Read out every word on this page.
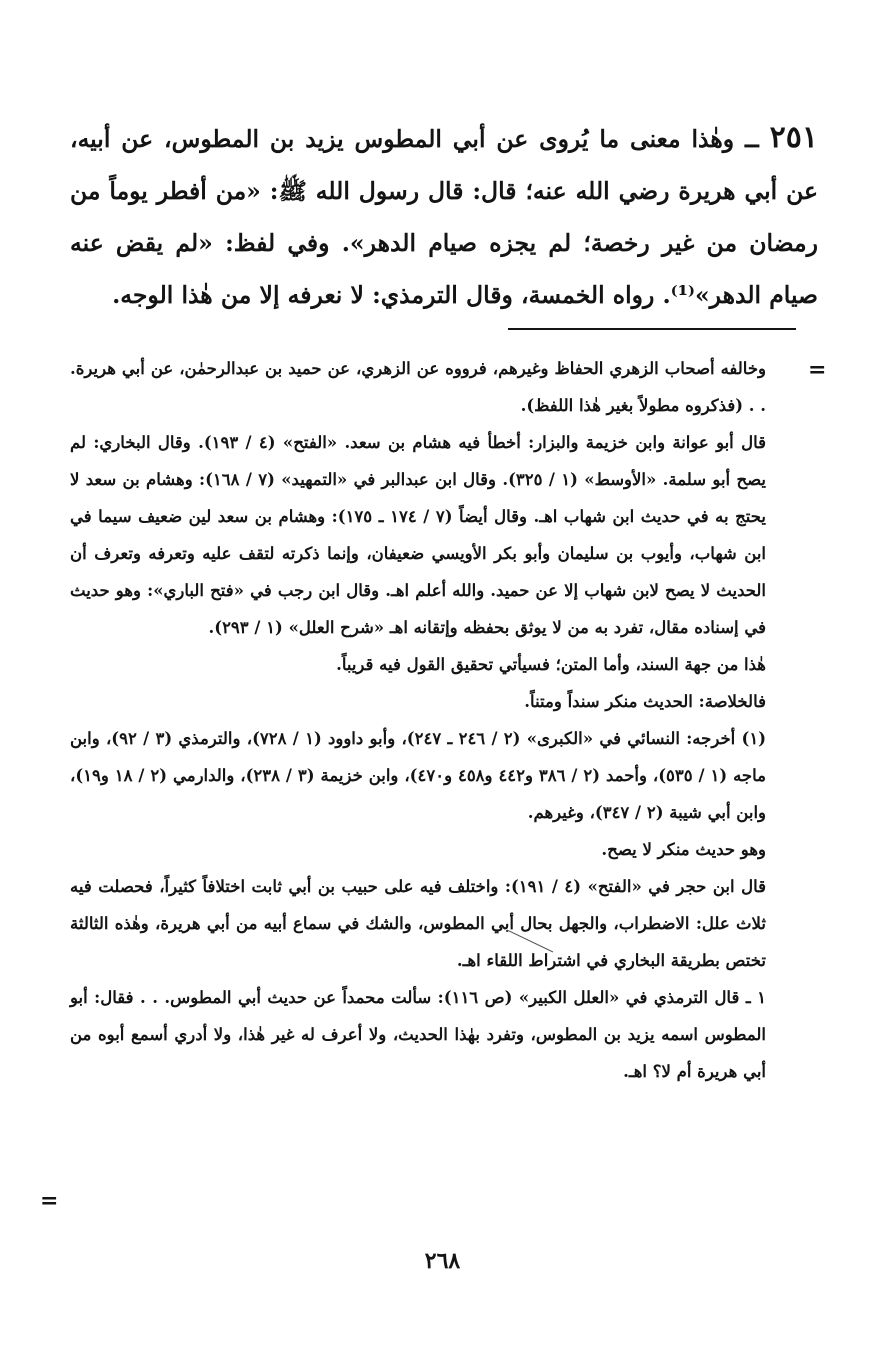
٢٥١ ــ وهٰذا معنى ما يُروى عن أبي المطوس يزيد بن المطوس، عن أبيه، عن أبي هريرة رضي الله عنه؛ قال: قال رسول الله ﷺ: «من أفطر يوماً من رمضان من غير رخصة؛ لم يجزه صيام الدهر». وفي لفظ: «لم يقض عنه صيام الدهر»⁽¹⁾. رواه الخمسة، وقال الترمذي: لا نعرفه إلا من هٰذا الوجه.

=

وخالفه أصحاب الزهري الحفاظ وغيرهم، فرووه عن الزهري، عن حميد بن عبدالرحمٰن، عن أبي هريرة. . . (فذكروه مطولاً بغير هٰذا اللفظ).

قال أبو عوانة وابن خزيمة والبزار: أخطأ فيه هشام بن سعد. «الفتح» (٤ / ١٩٣). وقال البخاري: لم يصح أبو سلمة. «الأوسط» (١ / ٣٢٥). وقال ابن عبدالبر في «التمهيد» (٧ / ١٦٨): وهشام بن سعد لا يحتج به في حديث ابن شهاب اهـ. وقال أيضاً (٧ / ١٧٤ ـ ١٧٥): وهشام بن سعد لين ضعيف سيما في ابن شهاب، وأيوب بن سليمان وأبو بكر الأويسي ضعيفان، وإنما ذكرته لتقف عليه وتعرفه وتعرف أن الحديث لا يصح لابن شهاب إلا عن حميد. والله أعلم اهـ. وقال ابن رجب في «فتح الباري»: وهو حديث في إسناده مقال، تفرد به من لا يوثق بحفظه وإتقانه اهـ «شرح العلل» (١ / ٢٩٣).

هٰذا من جهة السند، وأما المتن؛ فسيأتي تحقيق القول فيه قريباً.

فالخلاصة: الحديث منكر سنداً ومتناً.

(١) أخرجه: النسائي في «الكبرى» (٢ / ٢٤٦ ـ ٢٤٧)، وأبو داوود (١ / ٧٢٨)، والترمذي (٣ / ٩٢)، وابن ماجه (١ / ٥٣٥)، وأحمد (٢ / ٣٨٦ و٤٤٢ و٤٥٨ و٤٧٠)، وابن خزيمة (٣ / ٢٣٨)، والدارمي (٢ / ١٨ و١٩)، وابن أبي شيبة (٢ / ٣٤٧)، وغيرهم.

وهو حديث منكر لا يصح.

قال ابن حجر في «الفتح» (٤ / ١٩١): واختلف فيه على حبيب بن أبي ثابت اختلافاً كثيراً، فحصلت فيه ثلاث علل: الاضطراب، والجهل بحال أبي المطوس، والشك في سماع أبيه من أبي هريرة، وهٰذه الثالثة تختص بطريقة البخاري في اشتراط اللقاء اهـ.

١ ـ قال الترمذي في «العلل الكبير» (ص ١١٦): سألت محمداً عن حديث أبي المطوس. . . فقال: أبو المطوس اسمه يزيد بن المطوس، وتفرد بهٰذا الحديث، ولا أعرف له غير هٰذا، ولا أدري أسمع أبوه من أبي هريرة أم لا؟ اهـ.

=
٢٦٨
